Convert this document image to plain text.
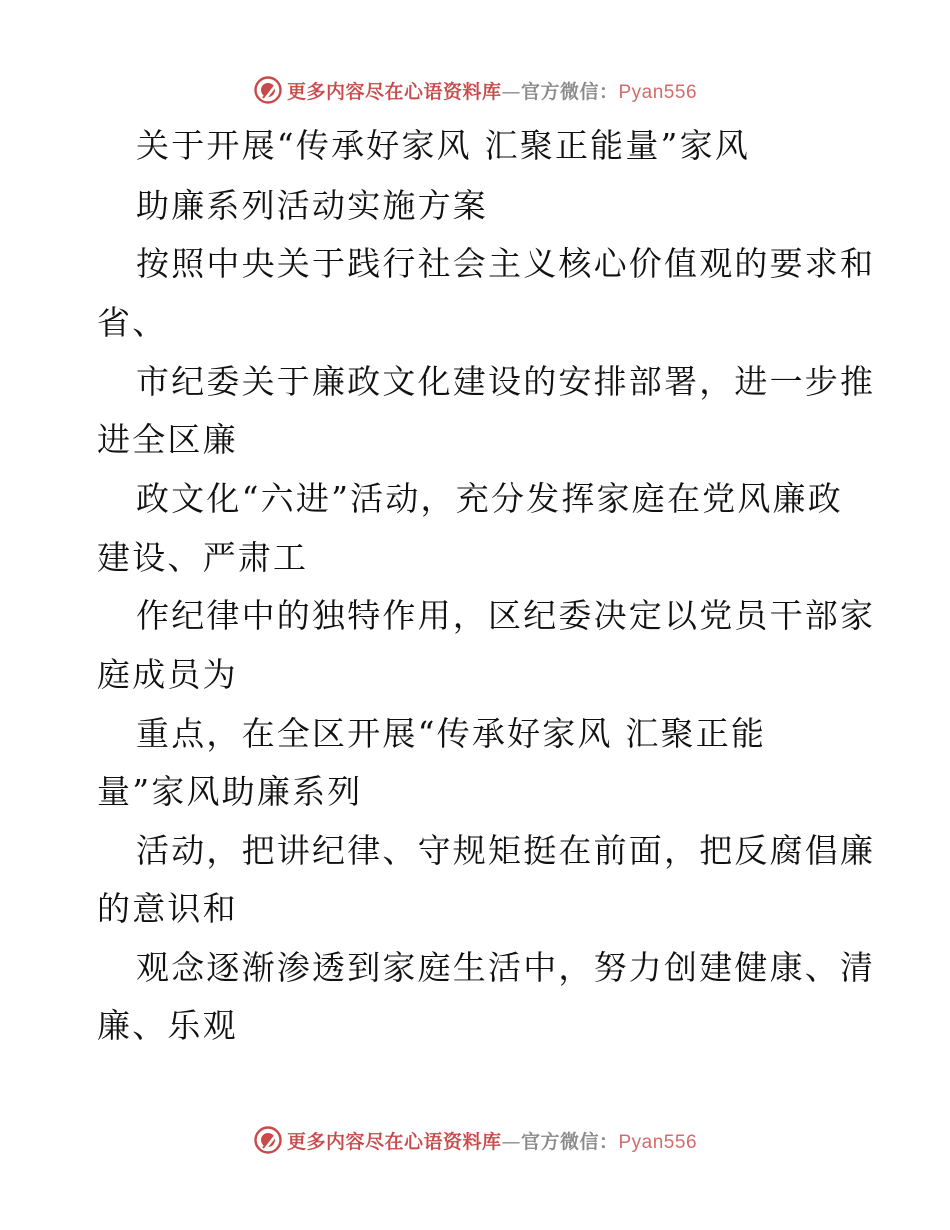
更多内容尽在心语资料库—官方微信：Pyan556
关于开展“传承好家风 汇聚正能量”家风
助廉系列活动实施方案
按照中央关于践行社会主义核心价值观的要求和
省、
市纪委关于廉政文化建设的安排部署，进一步推
进全区廉
政文化“六进”活动，充分发挥家庭在党风廉政
建设、严肃工
作纪律中的独特作用，区纪委决定以党员干部家
庭成员为
重点，在全区开展“传承好家风 汇聚正能
量”家风助廉系列
活动，把讲纪律、守规矩挺在前面，把反腐倡廉
的意识和
观念逐渐渗透到家庭生活中，努力创建健康、清
廉、乐观
更多内容尽在心语资料库—官方微信：Pyan556
